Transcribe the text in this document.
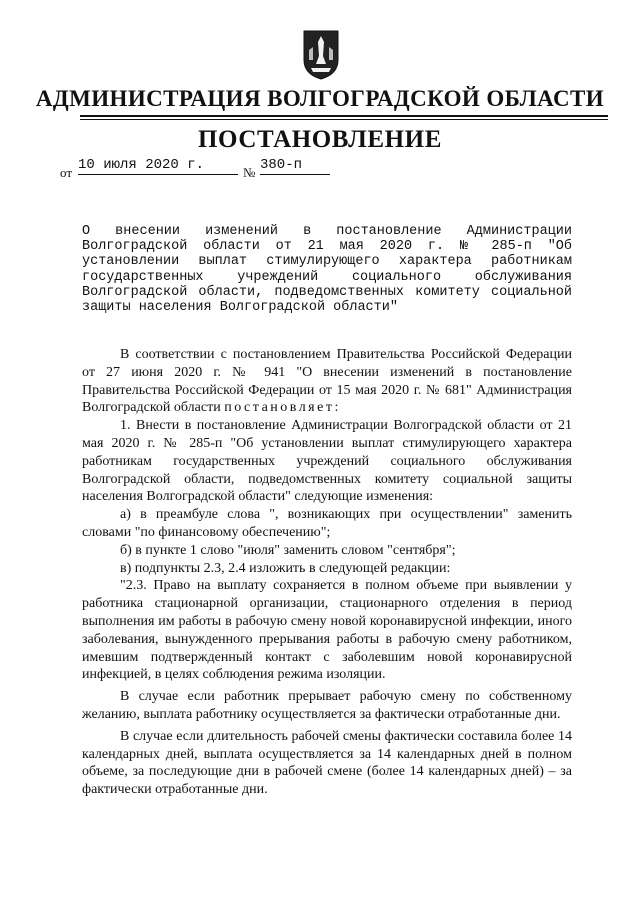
АДМИНИСТРАЦИЯ ВОЛГОГРАДСКОЙ ОБЛАСТИ
ПОСТАНОВЛЕНИЕ
от 10 июля 2020 г.	№ 380-п
О внесении изменений в постановление Администрации Волгоградской области от 21 мая 2020 г. № 285-п "Об установлении выплат стимулирующего характера работникам государственных учреждений социального обслуживания Волгоградской области, подведомственных комитету социальной защиты населения Волгоградской области"

В соответствии с постановлением Правительства Российской Федерации от 27 июня 2020 г. № 941 "О внесении изменений в постановление Правительства Российской Федерации от 15 мая 2020 г. № 681" Администрация Волгоградской области постановляет:

1. Внести в постановление Администрации Волгоградской области от 21 мая 2020 г. № 285-п "Об установлении выплат стимулирующего характера работникам государственных учреждений социального обслуживания Волгоградской области, подведомственных комитету социальной защиты населения Волгоградской области" следующие изменения:

а) в преамбуле слова ", возникающих при осуществлении" заменить словами "по финансовому обеспечению";

б) в пункте 1 слово "июля" заменить словом "сентября";

в) подпункты 2.3, 2.4 изложить в следующей редакции:

"2.3. Право на выплату сохраняется в полном объеме при выявлении у работника стационарной организации, стационарного отделения в период выполнения им работы в рабочую смену новой коронавирусной инфекции, иного заболевания, вынужденного прерывания работы в рабочую смену работником, имевшим подтвержденный контакт с заболевшим новой коронавирусной инфекцией, в целях соблюдения режима изоляции.

В случае если работник прерывает рабочую смену по собственному желанию, выплата работнику осуществляется за фактически отработанные дни.

В случае если длительность рабочей смены фактически составила более 14 календарных дней, выплата осуществляется за 14 календарных дней в полном объеме, за последующие дни в рабочей смене (более 14 календарных дней) – за фактически отработанные дни.
